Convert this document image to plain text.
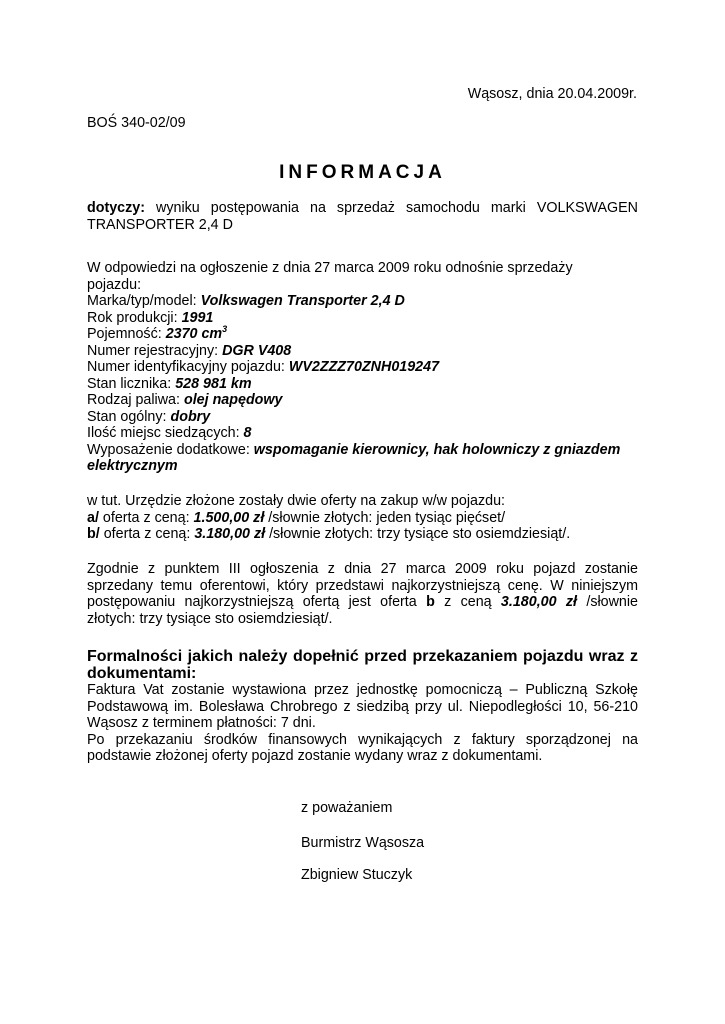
Wąsosz, dnia 20.04.2009r.
BOŚ 340-02/09
INFORMACJA
dotyczy: wyniku postępowania na sprzedaż samochodu marki VOLKSWAGEN
TRANSPORTER 2,4 D
W odpowiedzi na ogłoszenie z dnia 27 marca 2009 roku odnośnie sprzedaży
pojazdu:
Marka/typ/model: Volkswagen Transporter 2,4 D
Rok produkcji: 1991
Pojemność: 2370 $cm^3$
Numer rejestracyjny: DGR V408
Numer identyfikacyjny pojazdu: WV2ZZZ70ZNH019247
Stan licznika: 528 981 km
Rodzaj paliwa: olej napędowy
Stan ogólny: dobry
Ilość miejsc siedzących: 8
Wyposażenie dodatkowe: wspomaganie kierownicy, hak holowniczy z gniazdem
elektrycznym
w tut. Urzędzie złożone zostały dwie oferty na zakup w/w pojazdu:
a/ oferta z ceną: 1.500,00 zł /słownie złotych: jeden tysiąc pięćset/
b/ oferta z ceną: 3.180,00 zł /słownie złotych: trzy tysiące sto osiemdziesiąt/.
Zgodnie z punktem III ogłoszenia z dnia 27 marca 2009 roku pojazd zostanie
sprzedany temu oferentowi, który przedstawi najkorzystniejszą cenę. W niniejszym
postępowaniu najkorzystniejszą ofertą jest oferta b z ceną 3.180,00 zł /słownie
złotych: trzy tysiące sto osiemdziesiąt/.
Formalności jakich należy dopełnić przed przekazaniem pojazdu wraz z
dokumentami:
Faktura Vat zostanie wystawiona przez jednostkę pomocniczą – Publiczną Szkołę
Podstawową im. Bolesława Chrobrego z siedzibą przy ul. Niepodległości 10, 56-210
Wąsosz z terminem płatności: 7 dni.
Po przekazaniu środków finansowych wynikających z faktury sporządzonej na
podstawie złożonej oferty pojazd zostanie wydany wraz z dokumentami.
z poważaniem
Burmistrz Wąsosza
Zbigniew Stuczyk
